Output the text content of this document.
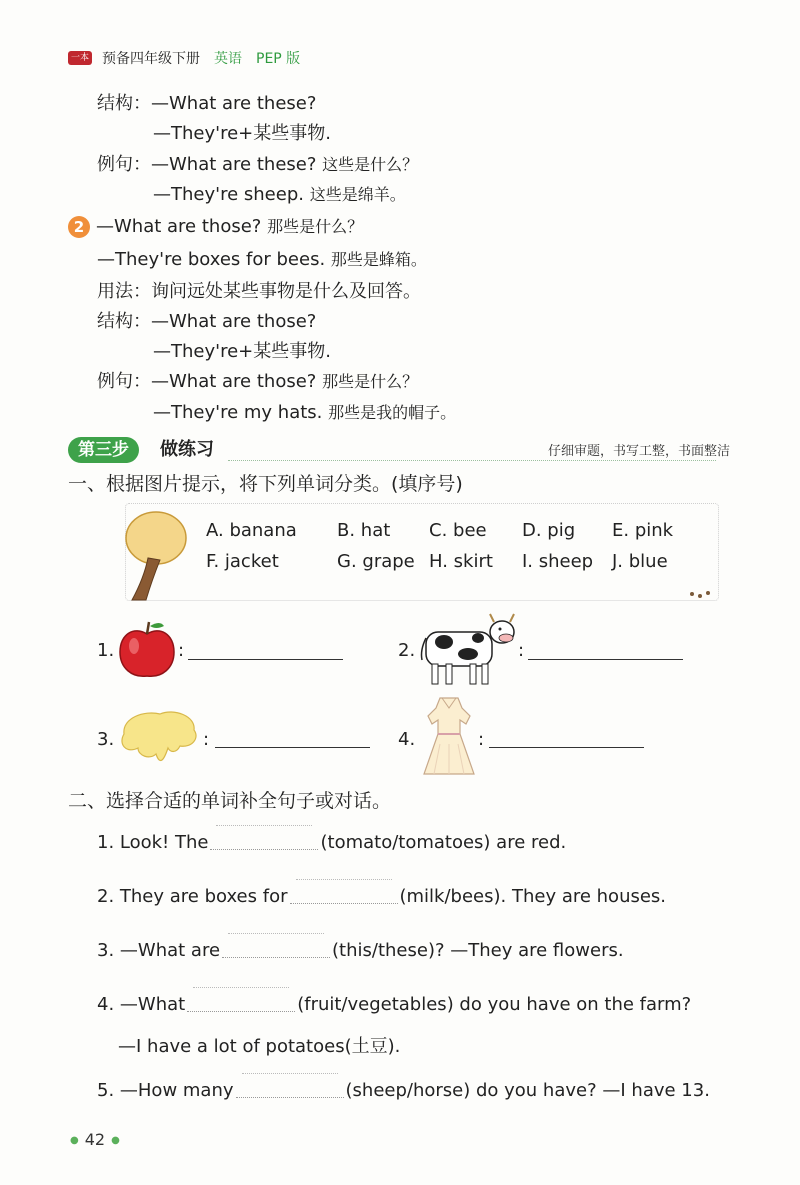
一本 预备四年级下册 英语 PEP 版
结构：—What are these?
—They're+某些事物.
例句：—What are these? 这些是什么？
—They're sheep. 这些是绵羊。
2 —What are those? 那些是什么？
—They're boxes for bees. 那些是蜂箱。
用法：询问远处某些事物是什么及回答。
结构：—What are those?
—They're+某些事物.
例句：—What are those? 那些是什么？
—They're my hats. 那些是我的帽子。
第三步	做练习	仔细审题，书写工整，书面整洁
一、根据图片提示，将下列单词分类。(填序号)
A. banana B. hat C. bee D. pig E. pink
F. jacket	G. grape H. skirt I. sheep J. blue
1.	:	2.	:
3.	:	4.	:
二、选择合适的单词补全句子或对话。
1. Look! The	(tomato/tomatoes) are red.
2. They are boxes for	(milk/bees). They are houses.
3. —What are	(this/these)? —They are flowers.
4. —What	(fruit/vegetables) do you have on the farm?
—I have a lot of potatoes(土豆).
5. —How many	(sheep/horse) do you have? —I have 13.
● 42 ●
